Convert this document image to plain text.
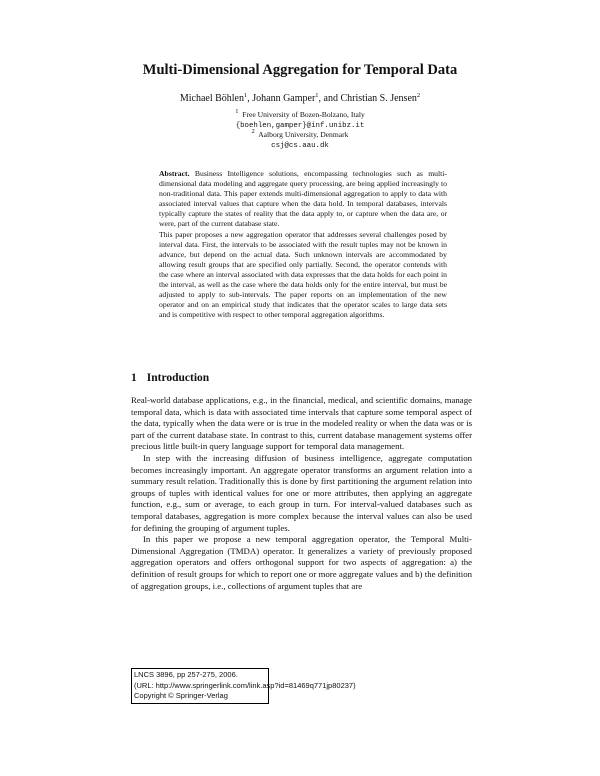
Multi-Dimensional Aggregation for Temporal Data
Michael Böhlen$^1$, Johann Gamper$^1$, and Christian S. Jensen$^2$
$^1$ Free University of Bozen-Bolzano, Italy
{boehlen,gamper}@inf.unibz.it
$^2$ Aalborg University, Denmark
csj@cs.aau.dk

Abstract. Business Intelligence solutions, encompassing technologies such as multi-dimensional data modeling and aggregate query processing, are being applied increasingly to non-traditional data. This paper extends multi-dimensional aggregation to apply to data with associated interval values that capture when the data hold. In temporal databases, intervals typically capture the states of reality that the data apply to, or capture when the data are, or were, part of the current database state.

This paper proposes a new aggregation operator that addresses several challenges posed by interval data. First, the intervals to be associated with the result tuples may not be known in advance, but depend on the actual data. Such unknown intervals are accommodated by allowing result groups that are specified only partially. Second, the operator contends with the case where an interval associated with data expresses that the data holds for each point in the interval, as well as the case where the data holds only for the entire interval, but must be adjusted to apply to sub-intervals. The paper reports on an implementation of the new operator and on an empirical study that indicates that the operator scales to large data sets and is competitive with respect to other temporal aggregation algorithms.

1 Introduction

Real-world database applications, e.g., in the financial, medical, and scientific domains, manage temporal data, which is data with associated time intervals that capture some temporal aspect of the data, typically when the data were or is true in the modeled reality or when the data was or is part of the current database state. In contrast to this, current database management systems offer precious little built-in query language support for temporal data management.

In step with the increasing diffusion of business intelligence, aggregate computation becomes increasingly important. An aggregate operator transforms an argument relation into a summary result relation. Traditionally this is done by first partitioning the argument relation into groups of tuples with identical values for one or more attributes, then applying an aggregate function, e.g., sum or average, to each group in turn. For interval-valued databases such as temporal databases, aggregation is more complex because the interval values can also be used for defining the grouping of argument tuples.

In this paper we propose a new temporal aggregation operator, the Temporal Multi-Dimensional Aggregation (TMDA) operator. It generalizes a variety of previously proposed aggregation operators and offers orthogonal support for two aspects of aggregation: a) the definition of result groups for which to report one or more aggregate values and b) the definition of aggregation groups, i.e., collections of argument tuples that are

LNCS 3896, pp 257-275, 2006.
(URL: http://www.springerlink.com/link.asp?id=81469q771jp80237)
Copyright © Springer-Verlag
